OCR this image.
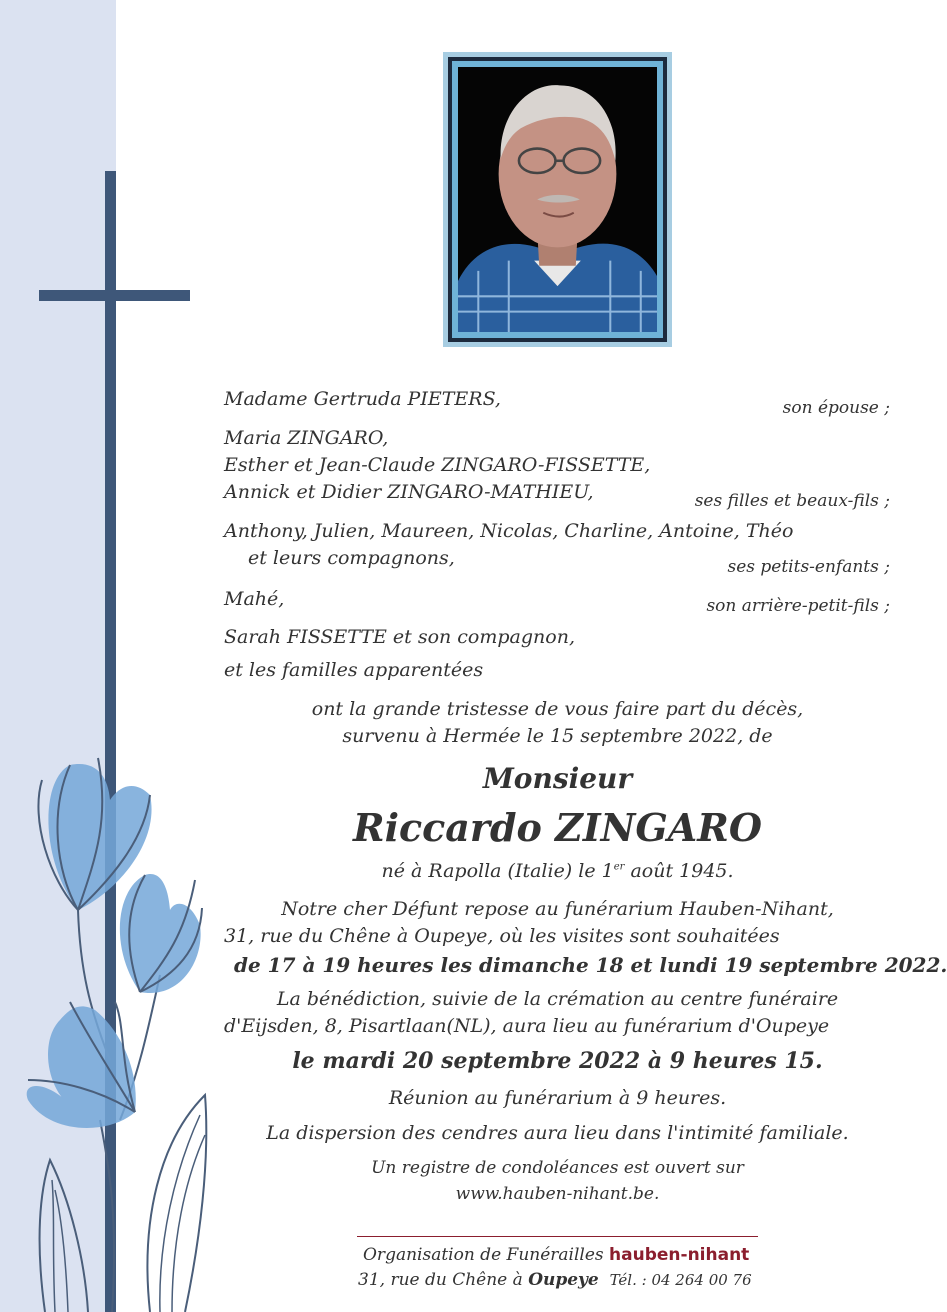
Madame Gertruda PIETERS,	son épouse ;
Maria ZINGARO,
Esther et Jean-Claude ZINGARO-FISSETTE,
Annick et Didier ZINGARO-MATHIEU,	ses filles et beaux-fils ;
Anthony, Julien, Maureen, Nicolas, Charline, Antoine, Théo
et leurs compagnons,	ses petits-enfants ;
Mahé,	son arrière-petit-fils ;
Sarah FISSETTE et son compagnon,
et les familles apparentées
ont la grande tristesse de vous faire part du décès,
survenu à Hermée le 15 septembre 2022, de
Monsieur
Riccardo ZINGARO
né à Rapolla (Italie) le 1er août 1945.
Notre cher Défunt repose au funérarium Hauben-Nihant,
31, rue du Chêne à Oupeye, où les visites sont souhaitées
de 17 à 19 heures les dimanche 18 et lundi 19 septembre 2022.
La bénédiction, suivie de la crémation au centre funéraire
d'Eijsden, 8, Pisartlaan(NL), aura lieu au funérarium d'Oupeye
le mardi 20 septembre 2022 à 9 heures 15.
Réunion au funérarium à 9 heures.
La dispersion des cendres aura lieu dans l'intimité familiale.
Un registre de condoléances est ouvert sur
www.hauben-nihant.be.
Organisation de Funérailles hauben-nihant
31, rue du Chêne à Oupeye Tél. : 04 264 00 76
